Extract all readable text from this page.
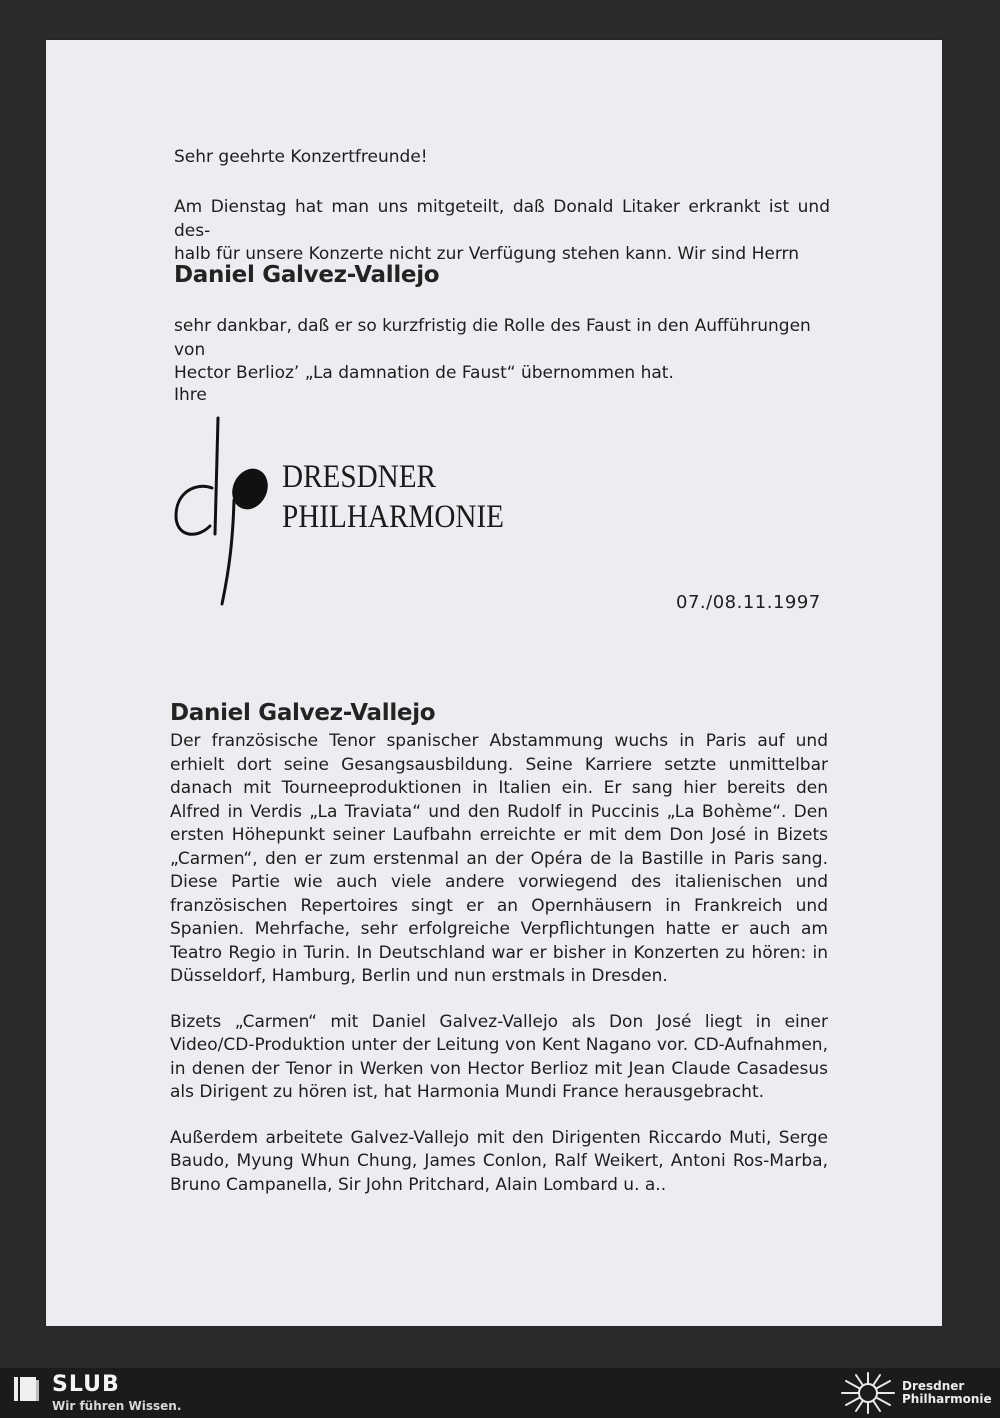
Sehr geehrte Konzertfreunde!
Am Dienstag hat man uns mitgeteilt, daß Donald Litaker erkrankt ist und des-
halb für unsere Konzerte nicht zur Verfügung stehen kann. Wir sind Herrn
Daniel Galvez-Vallejo
sehr dankbar, daß er so kurzfristig die Rolle des Faust in den Aufführungen von
Hector Berlioz’ „La damnation de Faust“ übernommen hat.
Ihre
DRESDNER
PHILHARMONIE
07./08.11.1997
Daniel Galvez-Vallejo

Der französische Tenor spanischer Abstammung wuchs in Paris auf und erhielt dort seine Gesangsausbildung. Seine Karriere setzte unmittelbar danach mit Tourneeproduktionen in Italien ein. Er sang hier bereits den Alfred in Verdis „La Traviata“ und den Rudolf in Puccinis „La Bohème“. Den ersten Höhepunkt seiner Laufbahn erreichte er mit dem Don José in Bizets „Carmen“, den er zum erstenmal an der Opéra de la Bastille in Paris sang. Diese Partie wie auch viele andere vorwiegend des italienischen und französischen Repertoires singt er an Opernhäusern in Frankreich und Spanien. Mehrfache, sehr erfolgreiche Verpflichtungen hatte er auch am Teatro Regio in Turin. In Deutschland war er bisher in Konzerten zu hören: in Düsseldorf, Hamburg, Berlin und nun erstmals in Dresden.

Bizets „Carmen“ mit Daniel Galvez-Vallejo als Don José liegt in einer Video/CD-Produktion unter der Leitung von Kent Nagano vor. CD-Aufnahmen, in denen der Tenor in Werken von Hector Berlioz mit Jean Claude Casadesus als Dirigent zu hören ist, hat Harmonia Mundi France herausgebracht.

Außerdem arbeitete Galvez-Vallejo mit den Dirigenten Riccardo Muti, Serge Baudo, Myung Whun Chung, James Conlon, Ralf Weikert, Antoni Ros-Marba, Bruno Campanella, Sir John Pritchard, Alain Lombard u. a..

SLUB
Wir führen Wissen.
Dresdner
Philharmonie
